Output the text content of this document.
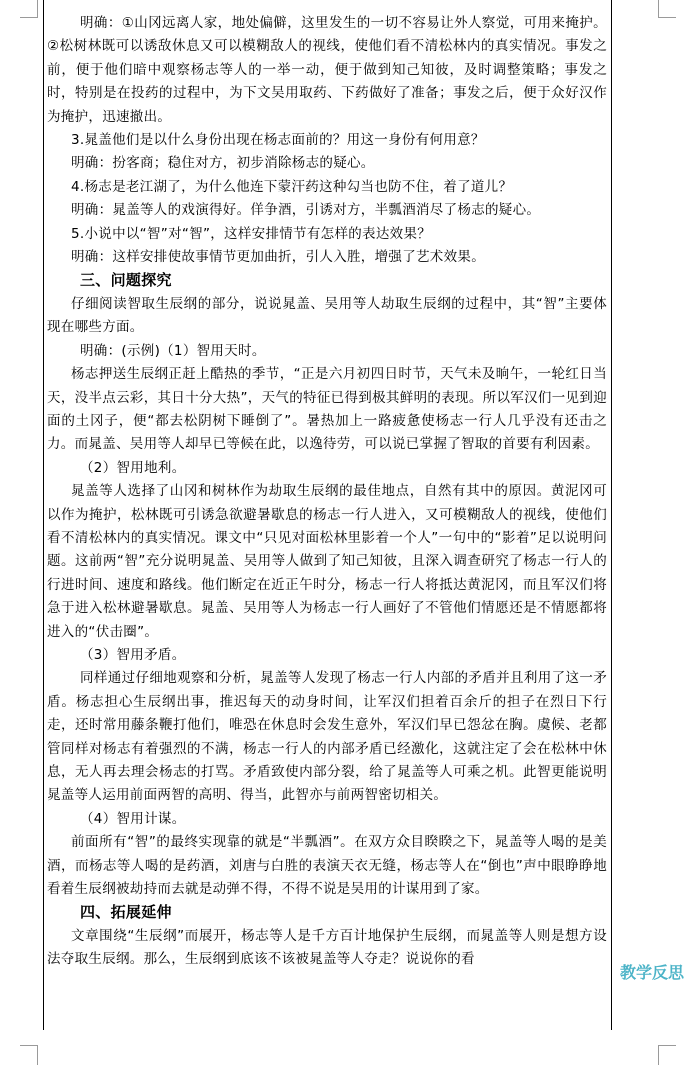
明确：①山冈远离人家，地处偏僻，这里发生的一切不容易让外人察觉，可用来掩护。②松树林既可以诱敌休息又可以模糊敌人的视线，使他们看不清松林内的真实情况。事发之前，便于他们暗中观察杨志等人的一举一动，便于做到知己知彼，及时调整策略；事发之时，特别是在投药的过程中，为下文吴用取药、下药做好了准备；事发之后，便于众好汉作为掩护，迅速撤出。

3.晁盖他们是以什么身份出现在杨志面前的？用这一身份有何用意？

明确：扮客商；稳住对方，初步消除杨志的疑心。

4.杨志是老江湖了，为什么他连下蒙汗药这种勾当也防不住，着了道儿？

明确：晁盖等人的戏演得好。佯争酒，引诱对方，半瓢酒消尽了杨志的疑心。

5.小说中以“智”对“智”，这样安排情节有怎样的表达效果？

明确：这样安排使故事情节更加曲折，引人入胜，增强了艺术效果。

三、问题探究

仔细阅读智取生辰纲的部分，说说晁盖、吴用等人劫取生辰纲的过程中，其“智”主要体现在哪些方面。

明确：(示例)（1）智用天时。

杨志押送生辰纲正赶上酷热的季节，“正是六月初四日时节，天气未及晌午，一轮红日当天，没半点云彩，其日十分大热”，天气的特征已得到极其鲜明的表现。所以军汉们一见到迎面的土冈子，便“都去松阴树下睡倒了”。暑热加上一路疲惫使杨志一行人几乎没有还击之力。而晁盖、吴用等人却早已等候在此，以逸待劳，可以说已掌握了智取的首要有利因素。

（2）智用地利。

晁盖等人选择了山冈和树林作为劫取生辰纲的最佳地点，自然有其中的原因。黄泥冈可以作为掩护，松林既可引诱急欲避暑歇息的杨志一行人进入，又可模糊敌人的视线，使他们看不清松林内的真实情况。课文中“只见对面松林里影着一个人”一句中的“影着”足以说明问题。这前两“智”充分说明晁盖、吴用等人做到了知己知彼，且深入调查研究了杨志一行人的行进时间、速度和路线。他们断定在近正午时分，杨志一行人将抵达黄泥冈，而且军汉们将急于进入松林避暑歇息。晁盖、吴用等人为杨志一行人画好了不管他们情愿还是不情愿都将进入的“伏击圈”。

（3）智用矛盾。

同样通过仔细地观察和分析，晁盖等人发现了杨志一行人内部的矛盾并且利用了这一矛盾。杨志担心生辰纲出事，推迟每天的动身时间，让军汉们担着百余斤的担子在烈日下行走，还时常用藤条鞭打他们，唯恐在休息时会发生意外，军汉们早已怨忿在胸。虞候、老都管同样对杨志有着强烈的不满，杨志一行人的内部矛盾已经激化，这就注定了会在松林中休息，无人再去理会杨志的打骂。矛盾致使内部分裂，给了晁盖等人可乘之机。此智更能说明晁盖等人运用前面两智的高明、得当，此智亦与前两智密切相关。

（4）智用计谋。

前面所有“智”的最终实现靠的就是“半瓢酒”。在双方众目睽睽之下，晁盖等人喝的是美酒，而杨志等人喝的是药酒，刘唐与白胜的表演天衣无缝，杨志等人在“倒也”声中眼睁睁地看着生辰纲被劫持而去就是动弹不得，不得不说是吴用的计谋用到了家。

四、拓展延伸

文章围绕“生辰纲”而展开，杨志等人是千方百计地保护生辰纲，而晁盖等人则是想方设法夺取生辰纲。那么，生辰纲到底该不该被晁盖等人夺走？说说你的看

教学反思
